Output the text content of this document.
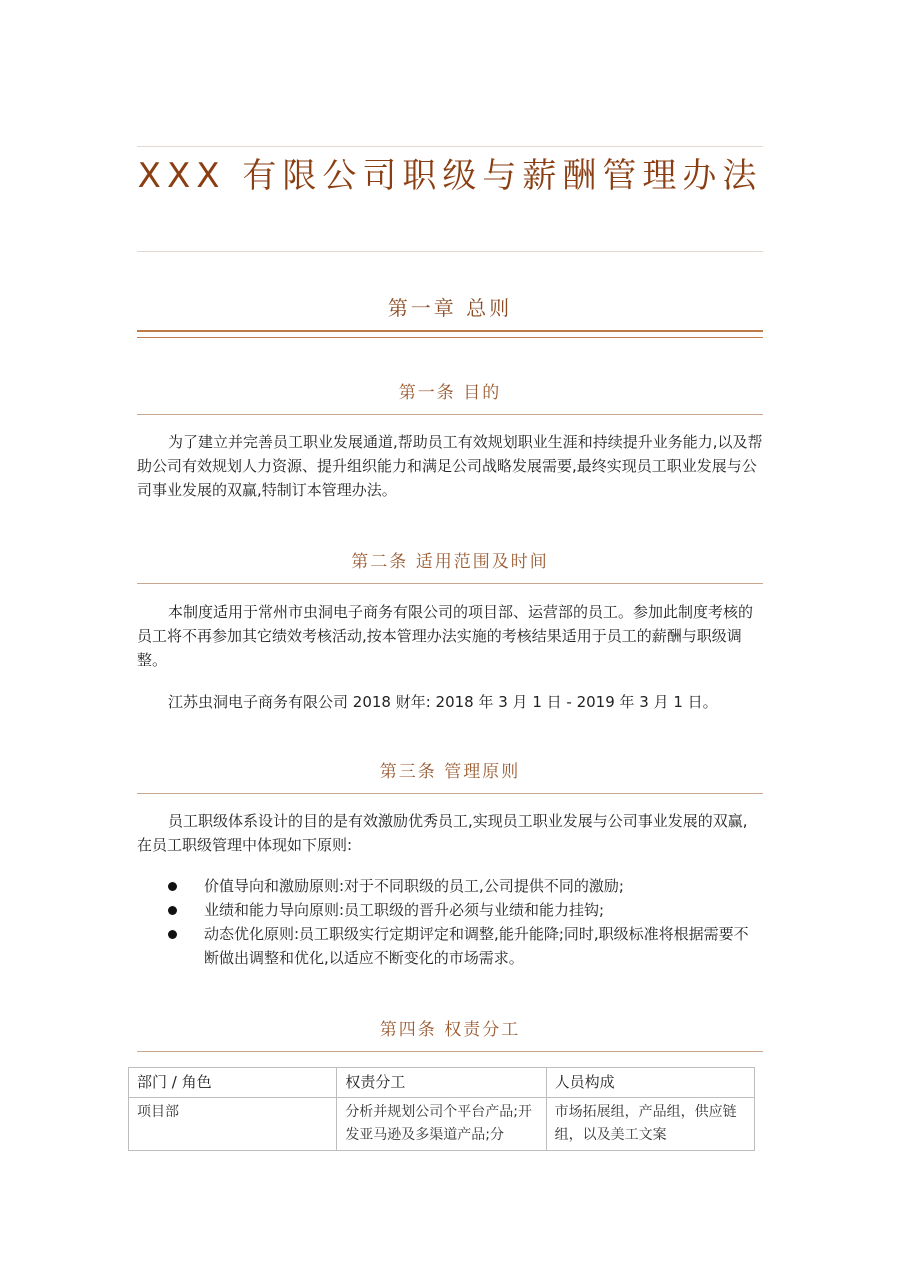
XXX 有限公司职级与薪酬管理办法
第一章 总则
第一条 目的
为了建立并完善员工职业发展通道,帮助员工有效规划职业生涯和持续提升业务能力,以及帮助公司有效规划人力资源、提升组织能力和满足公司战略发展需要,最终实现员工职业发展与公司事业发展的双赢,特制订本管理办法。
第二条 适用范围及时间
本制度适用于常州市虫洞电子商务有限公司的项目部、运营部的员工。参加此制度考核的员工将不再参加其它绩效考核活动,按本管理办法实施的考核结果适用于员工的薪酬与职级调整。
江苏虫洞电子商务有限公司 2018 财年: 2018 年 3 月 1 日 - 2019 年 3 月 1 日。
第三条 管理原则
员工职级体系设计的目的是有效激励优秀员工,实现员工职业发展与公司事业发展的双赢, 在员工职级管理中体现如下原则:
价值导向和激励原则:对于不同职级的员工,公司提供不同的激励;
业绩和能力导向原则:员工职级的晋升必须与业绩和能力挂钩;
动态优化原则:员工职级实行定期评定和调整,能升能降;同时,职级标准将根据需要不断做出调整和优化,以适应不断变化的市场需求。
第四条 权责分工
部门 / 角色	权责分工	人员构成

项目部	分析并规划公司个平台产品;开发亚马逊及多渠道产品;分	市场拓展组，产品组，供应链组，以及美工文案
